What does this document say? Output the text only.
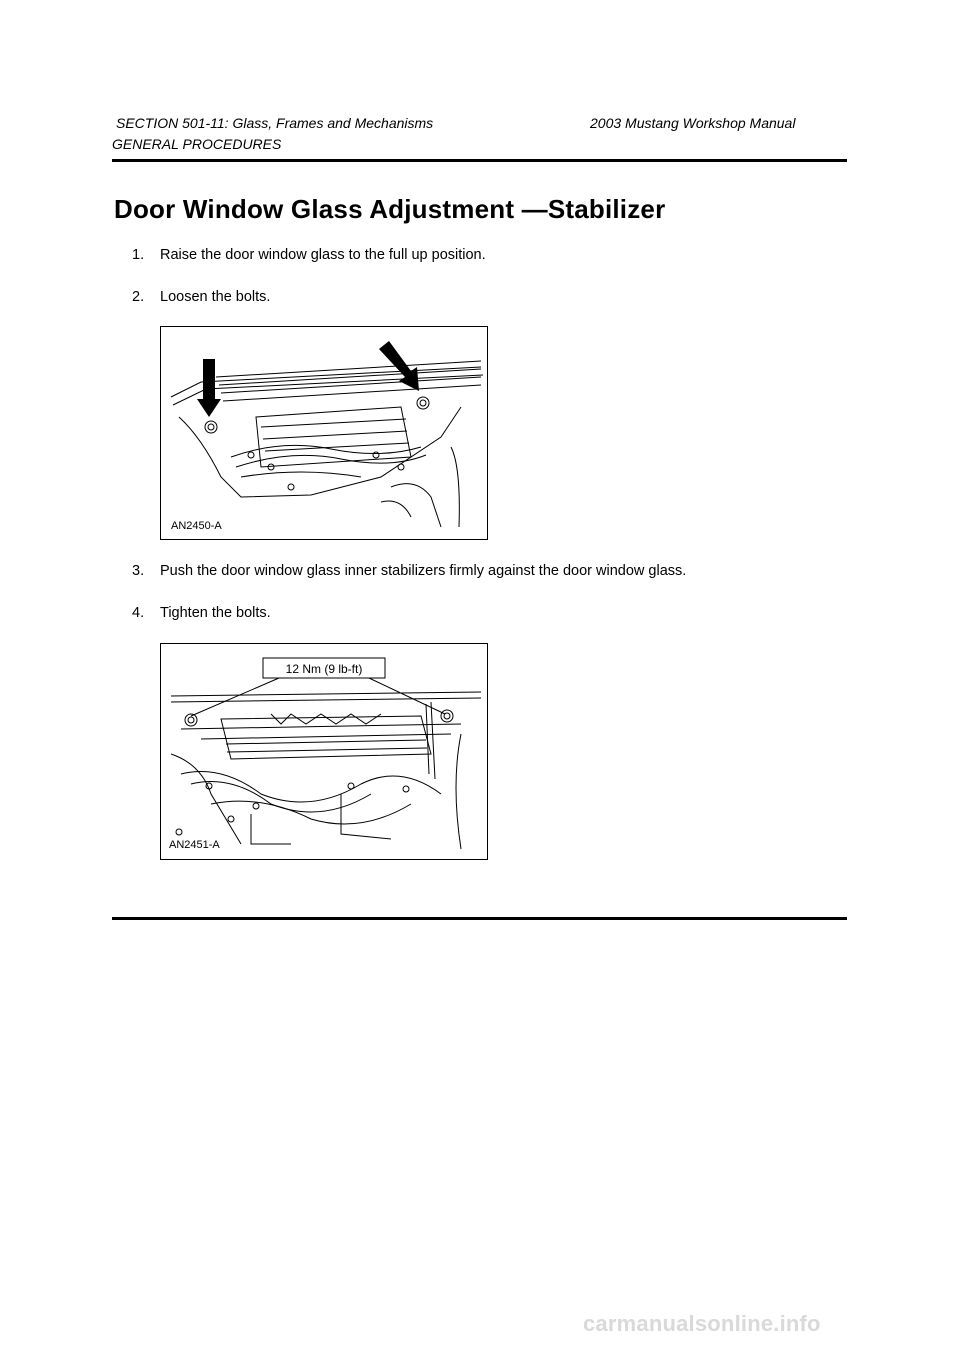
SECTION 501-11: Glass, Frames and Mechanisms	2003 Mustang Workshop Manual
GENERAL PROCEDURES
Door Window Glass Adjustment —Stabilizer
1. Raise the door window glass to the full up position.
2. Loosen the bolts.
AN2450-A
3. Push the door window glass inner stabilizers firmly against the door window glass.
4. Tighten the bolts.
12 Nm (9 lb-ft)
AN2451-A
carmanualsonline.info
